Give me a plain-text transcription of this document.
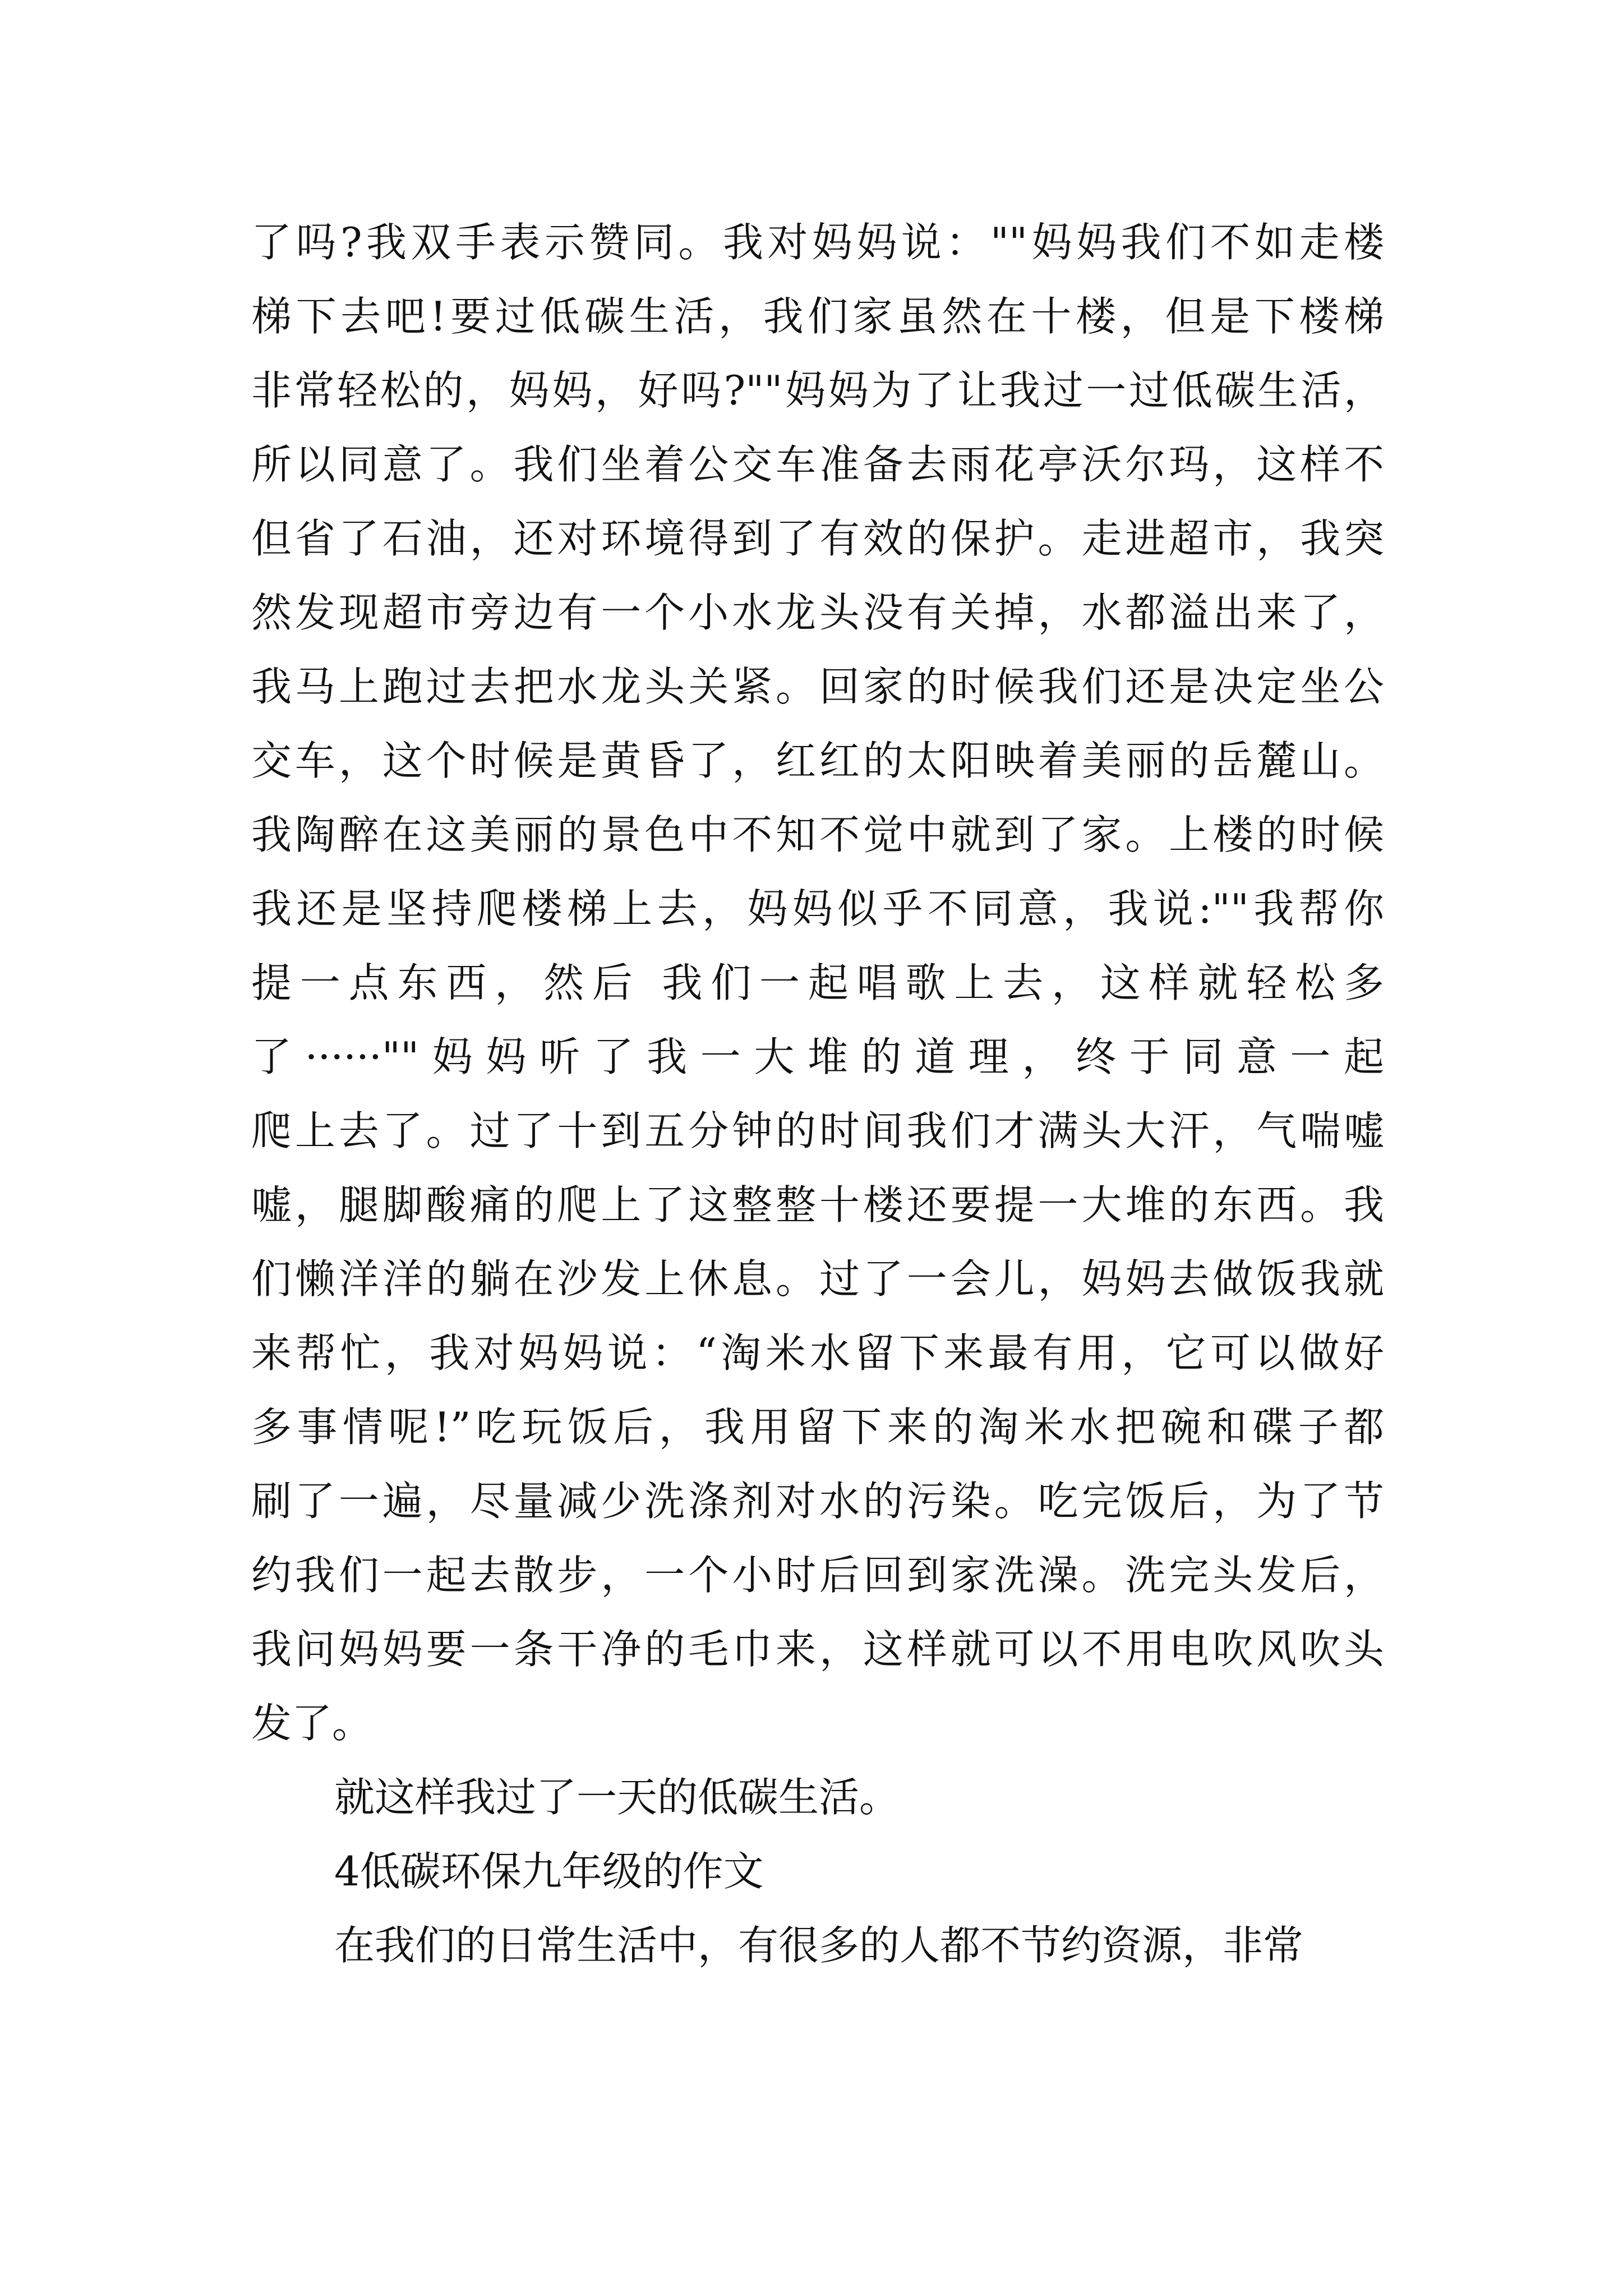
了吗?我双手表示赞同。我对妈妈说：""妈妈我们不如走楼
梯下去吧!要过低碳生活，我们家虽然在十楼，但是下楼梯
非常轻松的，妈妈，好吗?""妈妈为了让我过一过低碳生活，
所以同意了。我们坐着公交车准备去雨花亭沃尔玛，这样不
但省了石油，还对环境得到了有效的保护。走进超市，我突
然发现超市旁边有一个小水龙头没有关掉，水都溢出来了，
我马上跑过去把水龙头关紧。回家的时候我们还是决定坐公
交车，这个时候是黄昏了，红红的太阳映着美丽的岳麓山。
我陶醉在这美丽的景色中不知不觉中就到了家。上楼的时候
我还是坚持爬楼梯上去，妈妈似乎不同意，我说:""我帮你
提一点东西，然后 我们一起唱歌上去，这样就轻松多
了······""妈妈听了我一大堆的道理，终于同意一起
爬上去了。过了十到五分钟的时间我们才满头大汗，气喘嘘
嘘，腿脚酸痛的爬上了这整整十楼还要提一大堆的东西。我
们懒洋洋的躺在沙发上休息。过了一会儿，妈妈去做饭我就
来帮忙，我对妈妈说：“淘米水留下来最有用，它可以做好
多事情呢!”吃玩饭后，我用留下来的淘米水把碗和碟子都
刷了一遍，尽量减少洗涤剂对水的污染。吃完饭后，为了节
约我们一起去散步，一个小时后回到家洗澡。洗完头发后，
我问妈妈要一条干净的毛巾来，这样就可以不用电吹风吹头
发了。
就这样我过了一天的低碳生活。
4低碳环保九年级的作文
在我们的日常生活中，有很多的人都不节约资源，非常
